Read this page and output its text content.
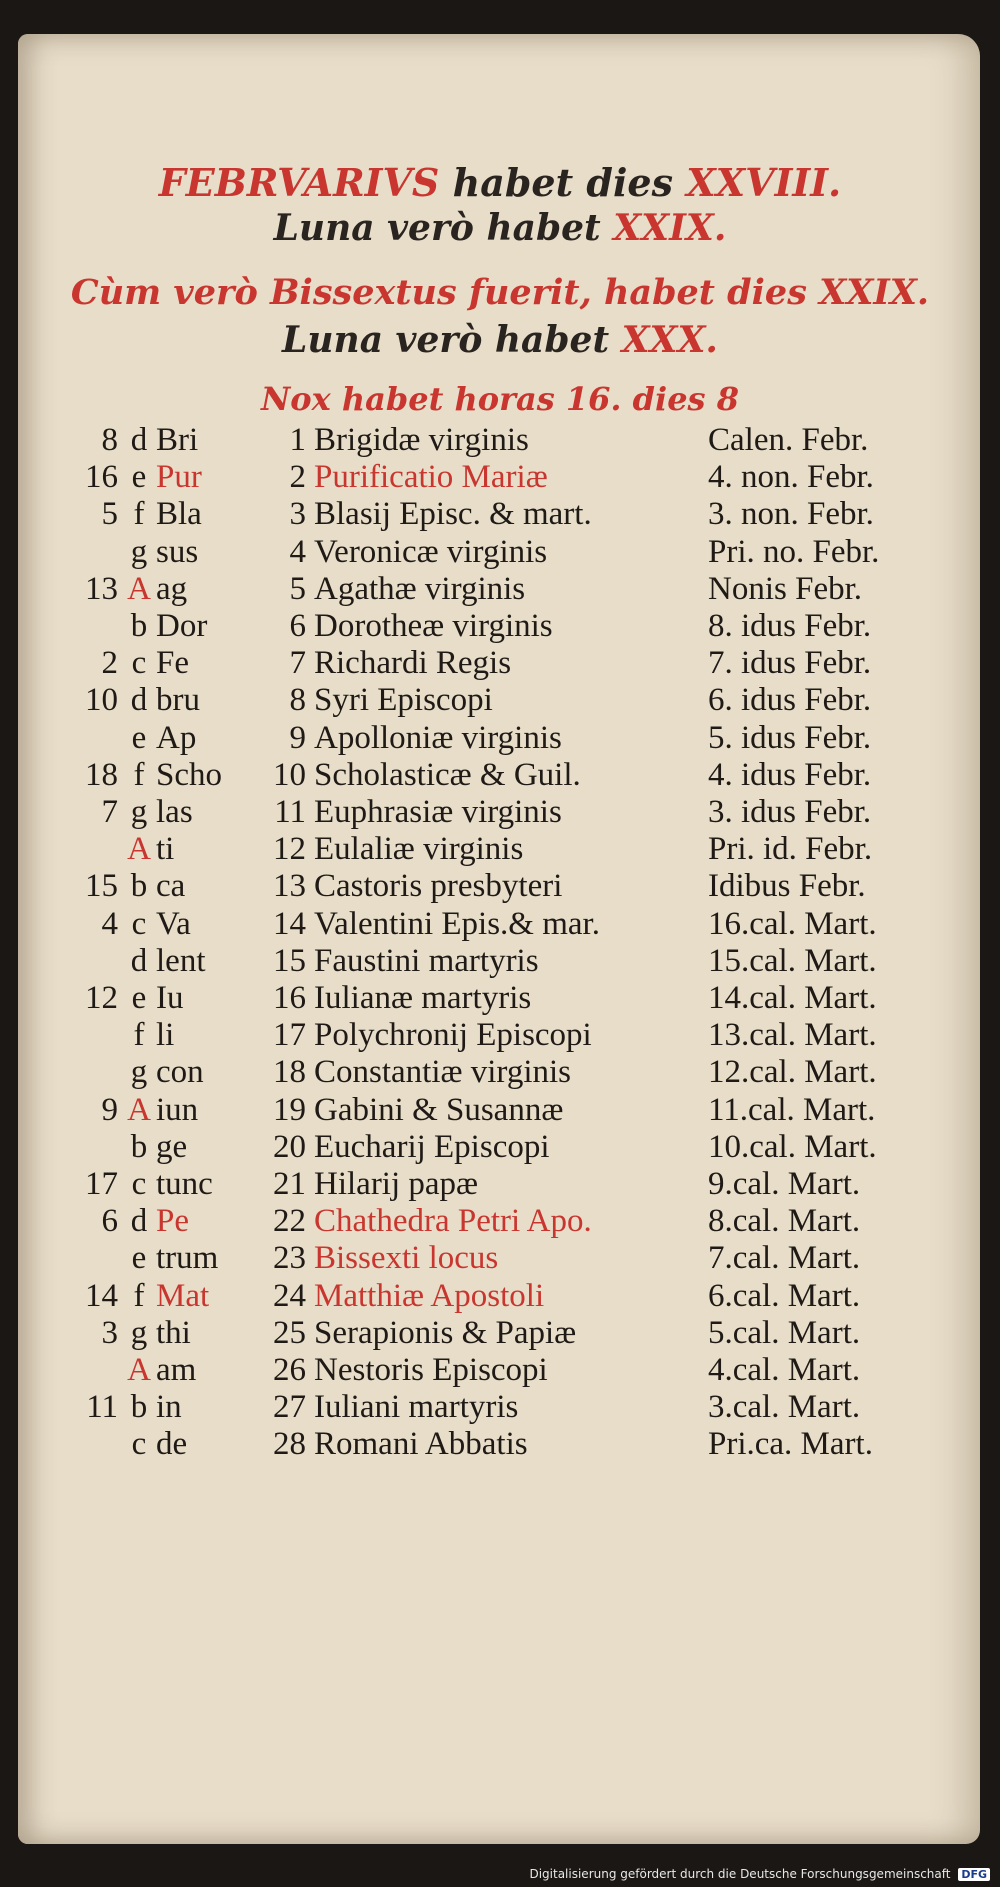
FEBRVARIVS habet dies XXVIII.
Luna verò habet XXIX.
Cùm verò Bissextus fuerit, habet dies XXIX.
Luna verò habet XXX.
Nox habet horas 16. dies 8
8 d Bri	1 Brigidæ virginis	Calen. Febr.
16 e Pur	2 Purificatio Mariæ	4. non. Febr.
5 f Bla	3 Blasij Episc. & mart.	3. non. Febr.
g sus	4 Veronicæ virginis	Pri. no. Febr.
13 A ag	5 Agathæ virginis	Nonis Febr.
b Dor	6 Dorotheæ virginis	8. idus Febr.
2 c Fe	7 Richardi Regis	7. idus Febr.
10 d bru	8 Syri Episcopi	6. idus Febr.
e Ap	9 Apolloniæ virginis	5. idus Febr.
18 f Scho	10 Scholasticæ & Guil.	4. idus Febr.
7 g las	11 Euphrasiæ virginis	3. idus Febr.
A ti	12 Eulaliæ virginis	Pri. id. Febr.
15 b ca	13 Castoris presbyteri	Idibus Febr.
4 c Va	14 Valentini Epis.& mar.	16.cal. Mart.
d lent	15 Faustini martyris	15.cal. Mart.
12 e Iu	16 Iulianæ martyris	14.cal. Mart.
f li	17 Polychronij Episcopi	13.cal. Mart.
g con	18 Constantiæ virginis	12.cal. Mart.
9 A iun	19 Gabini & Susannæ	11.cal. Mart.
b ge	20 Eucharij Episcopi	10.cal. Mart.
17 c tunc	21 Hilarij papæ	9.cal. Mart.
6 d Pe	22 Chathedra Petri Apo.	8.cal. Mart.
e trum	23 Bissexti locus	7.cal. Mart.
14 f Mat	24 Matthiæ Apostoli	6.cal. Mart.
3 g thi	25 Serapionis & Papiæ	5.cal. Mart.
A am	26 Nestoris Episcopi	4.cal. Mart.
11 b in	27 Iuliani martyris	3.cal. Mart.
c de	28 Romani Abbatis	Pri.ca. Mart.
Digitalisierung gefördert durch die Deutsche Forschungsgemeinschaft DFG
